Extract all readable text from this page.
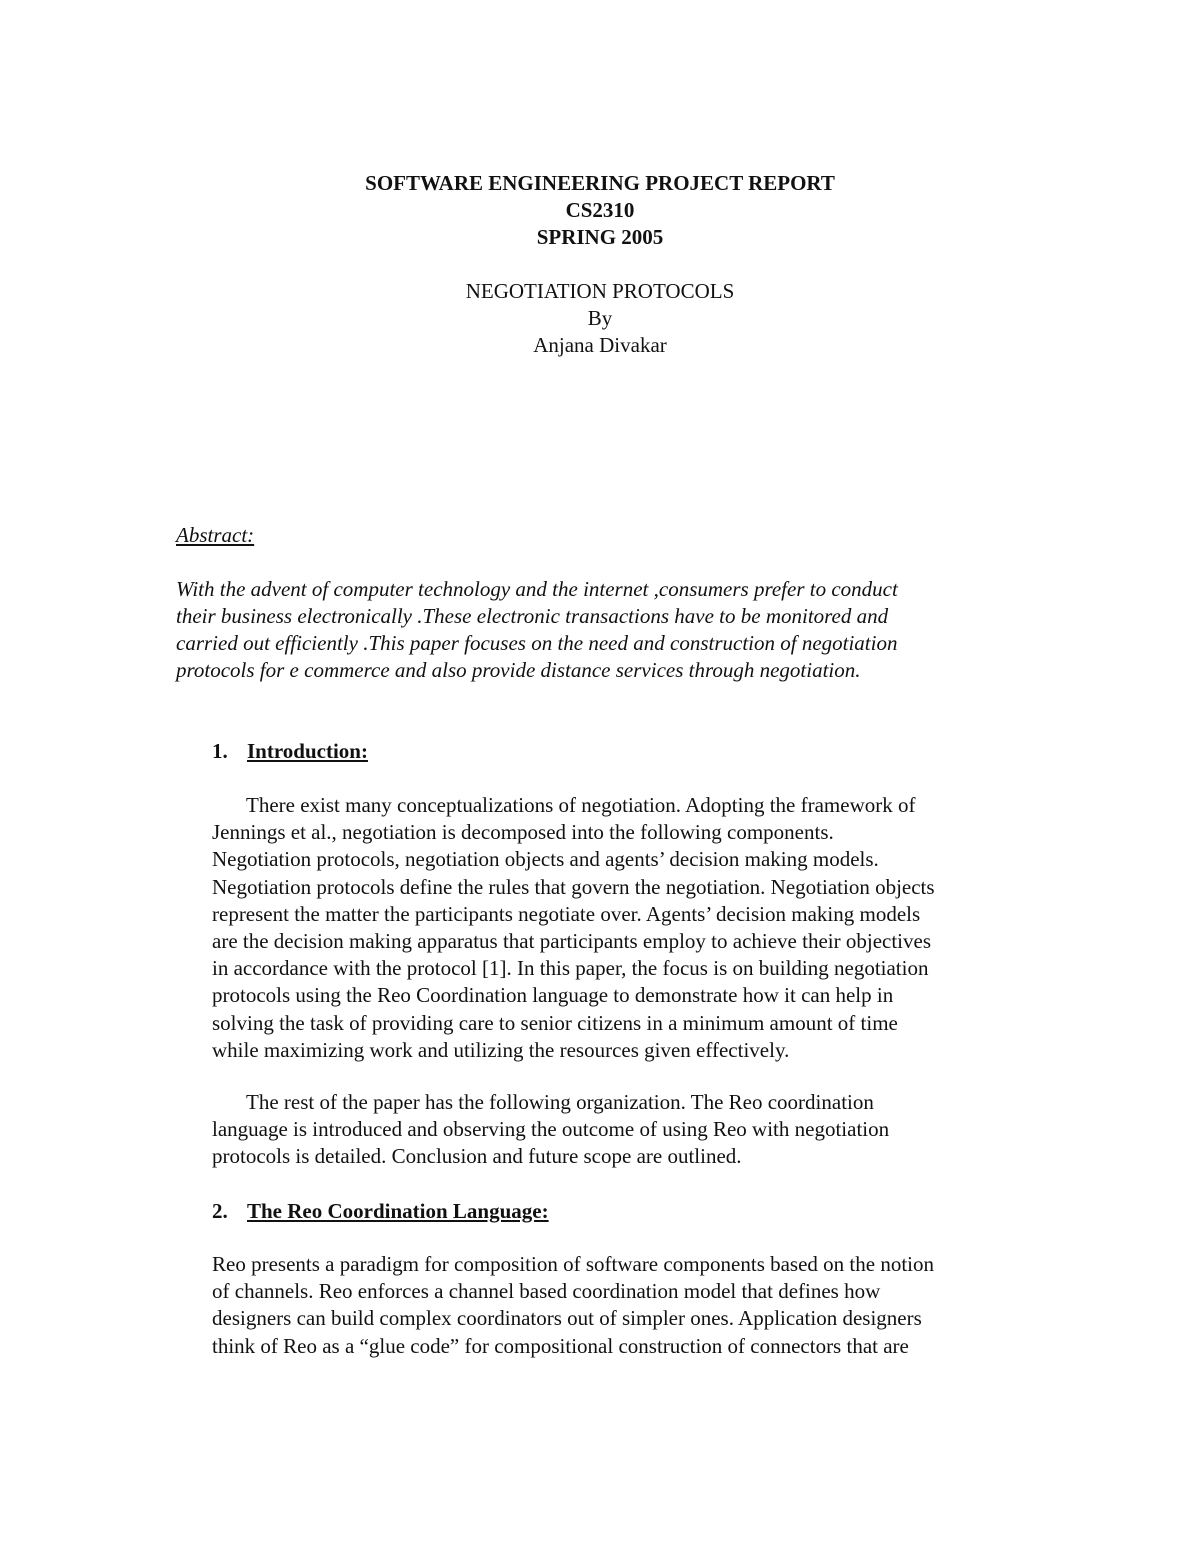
SOFTWARE ENGINEERING PROJECT REPORT
CS2310
SPRING 2005
NEGOTIATION PROTOCOLS
By
Anjana Divakar
Abstract:
With the advent of computer technology and the internet ,consumers prefer to conduct
their business electronically .These electronic transactions have to be monitored and
carried out efficiently .This paper focuses on the need and construction of negotiation
protocols for e commerce and also provide distance services through negotiation.
1. Introduction:
There exist many conceptualizations of negotiation. Adopting the framework of
Jennings et al., negotiation is decomposed into the following components.
Negotiation protocols, negotiation objects and agents’ decision making models.
Negotiation protocols define the rules that govern the negotiation. Negotiation objects
represent the matter the participants negotiate over. Agents’ decision making models
are the decision making apparatus that participants employ to achieve their objectives
in accordance with the protocol [1]. In this paper, the focus is on building negotiation
protocols using the Reo Coordination language to demonstrate how it can help in
solving the task of providing care to senior citizens in a minimum amount of time
while maximizing work and utilizing the resources given effectively.
The rest of the paper has the following organization. The Reo coordination
language is introduced and observing the outcome of using Reo with negotiation
protocols is detailed. Conclusion and future scope are outlined.
2. The Reo Coordination Language:
Reo presents a paradigm for composition of software components based on the notion
of channels. Reo enforces a channel based coordination model that defines how
designers can build complex coordinators out of simpler ones. Application designers
think of Reo as a “glue code” for compositional construction of connectors that are
